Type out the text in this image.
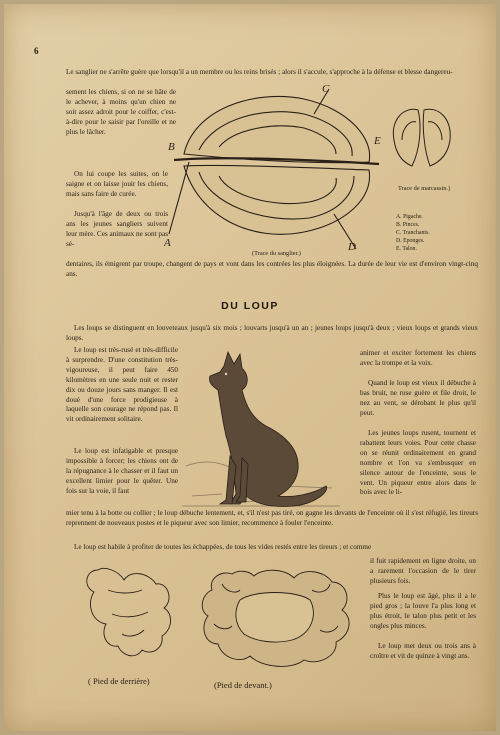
6

Le sanglier ne s'arrête guère que lorsqu'il a un membre ou les reins brisés ; alors il s'accule, s'approche à la défense et blesse dangereu-

sement les chiens, si on ne se hâte de le achever, à moins qu'un chien ne soit assez adroit pour le coiffer, c'est-à-dire pour le saisir par l'oreille et ne plus le lâcher.

On lui coupe les suites, on le saigne et on laisse jouir les chiens, mais sans faire de curée.

Jusqu'à l'âge de deux ou trois ans les jeunes sangliers suivent leur mère. Ces animaux ne sont pas sé-

dentaires, ils émigrent par troupe, changent de pays et vont dans les contrées les plus éloignées. La durée de leur vie est d'environ vingt-cinq ans.

A
B
C
D
E
(Trace du sanglier.)
Trace de marcassin.)
A. Pigache.
B. Pinces.
C. Tranchants.
D. Eponges.
E. Talon.
DU LOUP

Les loups se distinguent en louveteaux jusqu'à six mois ; louvarts jusqu'à un an ; jeunes loups jusqu'à deux ; vieux loups et grands vieux loups.

Le loup est très-rusé et très-difficile à surprendre. D'une constitution très-vigoureuse, il peut faire 450 kilomètres en une seule nuit et rester dix ou douze jours sans manger. Il est doué d'une force prodigieuse à laquelle son courage ne répond pas. Il vit ordinairement solitaire.

Le loup est infatigable et presque impossible à forcer; les chiens ont de la répugnance à le chasser et il faut un excellent limier pour le quêter. Une fois sur la voie, il faut

animer et exciter fortement les chiens avec la trompe et la voix.

Quand le loup est vieux il débuche à bas bruit, ne ruse guère et file droit, le nez au vent, se dérobant le plus qu'il peut.

Les jeunes loups rusent, tournent et rabattent leurs voies. Pour cette chasse on se réunit ordinairement en grand nombre et l'on va s'embusquer en silence autour de l'enceinte, sous le vent. Un piqueur entre alors dans le bois avec le li-

mier tenu à la botte ou collier ; le loup débuche lentement, et, s'il n'est pas tiré, on gagne les devants de l'enceinte où il s'est réfugié, les tireurs reprennent de nouveaux postes et le piqueur avec son limier, recommence à fouler l'enceinte.

Le loup est habile à profiter de toutes les échappées, de tous les vides restés entre les tireurs ; et comme

( Pied de derrière)	(Pied de devant.)

il fuit rapidement en ligne droite, on a rarement l'occasion de le tirer plusieurs fois.

Plus le loup est âgé, plus il a le pied gros ; la louve l'a plus long et plus étroit, le talon plus petit et les ongles plus minces.

Le loup met deux ou trois ans à croître et vit de quinze à vingt ans.
